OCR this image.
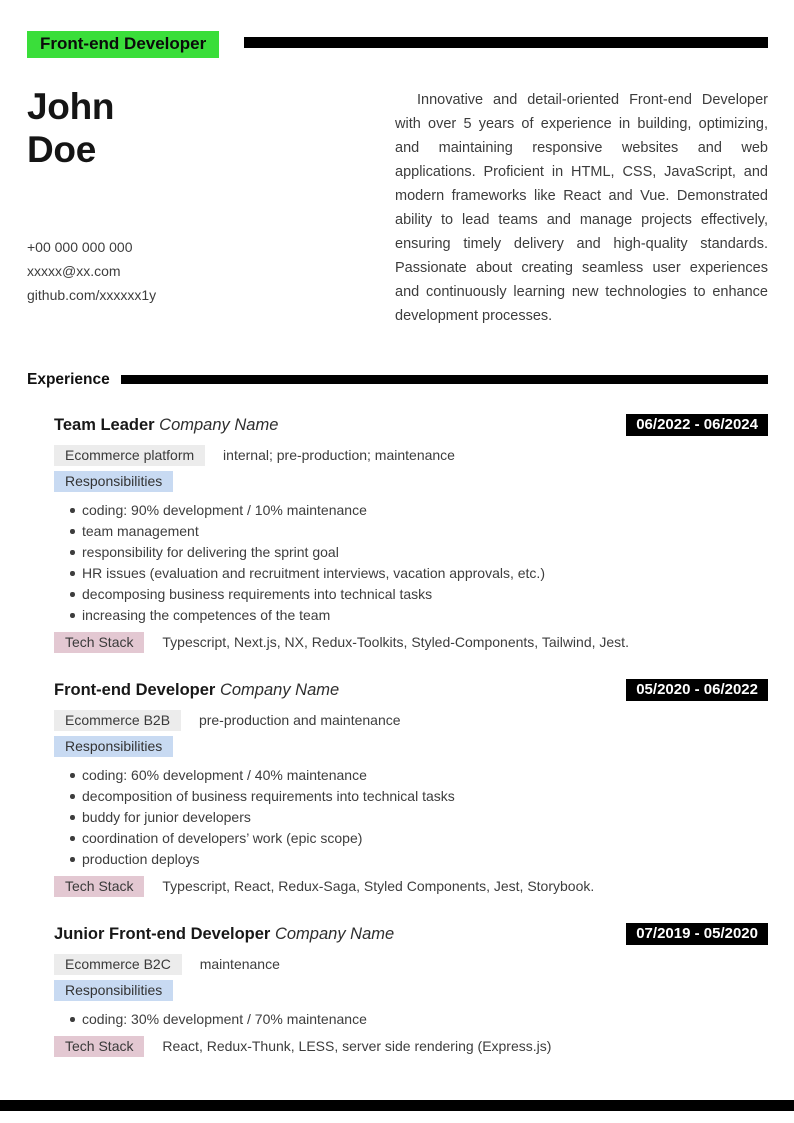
Front-end Developer
John
Doe
+00 000 000 000
xxxxx@xx.com
github.com/xxxxxx1y

Innovative and detail-oriented Front-end Developer with over 5 years of experience in building, optimizing, and maintaining responsive websites and web applications. Proficient in HTML, CSS, JavaScript, and modern frameworks like React and Vue. Demonstrated ability to lead teams and manage projects effectively, ensuring timely delivery and high-quality standards. Passionate about creating seamless user experiences and continuously learning new technologies to enhance development processes.

Experience
Team Leader Company Name	06/2022 - 06/2024
Ecommerce platform internal; pre-production; maintenance
Responsibilities
coding: 90% development / 10% maintenance
team management
responsibility for delivering the sprint goal
HR issues (evaluation and recruitment interviews, vacation approvals, etc.)
decomposing business requirements into technical tasks
increasing the competences of the team
Tech Stack Typescript, Next.js, NX, Redux-Toolkits, Styled-Components, Tailwind, Jest.
Front-end Developer Company Name	05/2020 - 06/2022
Ecommerce B2B pre-production and maintenance
Responsibilities
coding: 60% development / 40% maintenance
decomposition of business requirements into technical tasks
buddy for junior developers
coordination of developers’ work (epic scope)
production deploys
Tech Stack Typescript, React, Redux-Saga, Styled Components, Jest, Storybook.
Junior Front-end Developer Company Name	07/2019 - 05/2020
Ecommerce B2C maintenance
Responsibilities
coding: 30% development / 70% maintenance
Tech Stack React, Redux-Thunk, LESS, server side rendering (Express.js)
